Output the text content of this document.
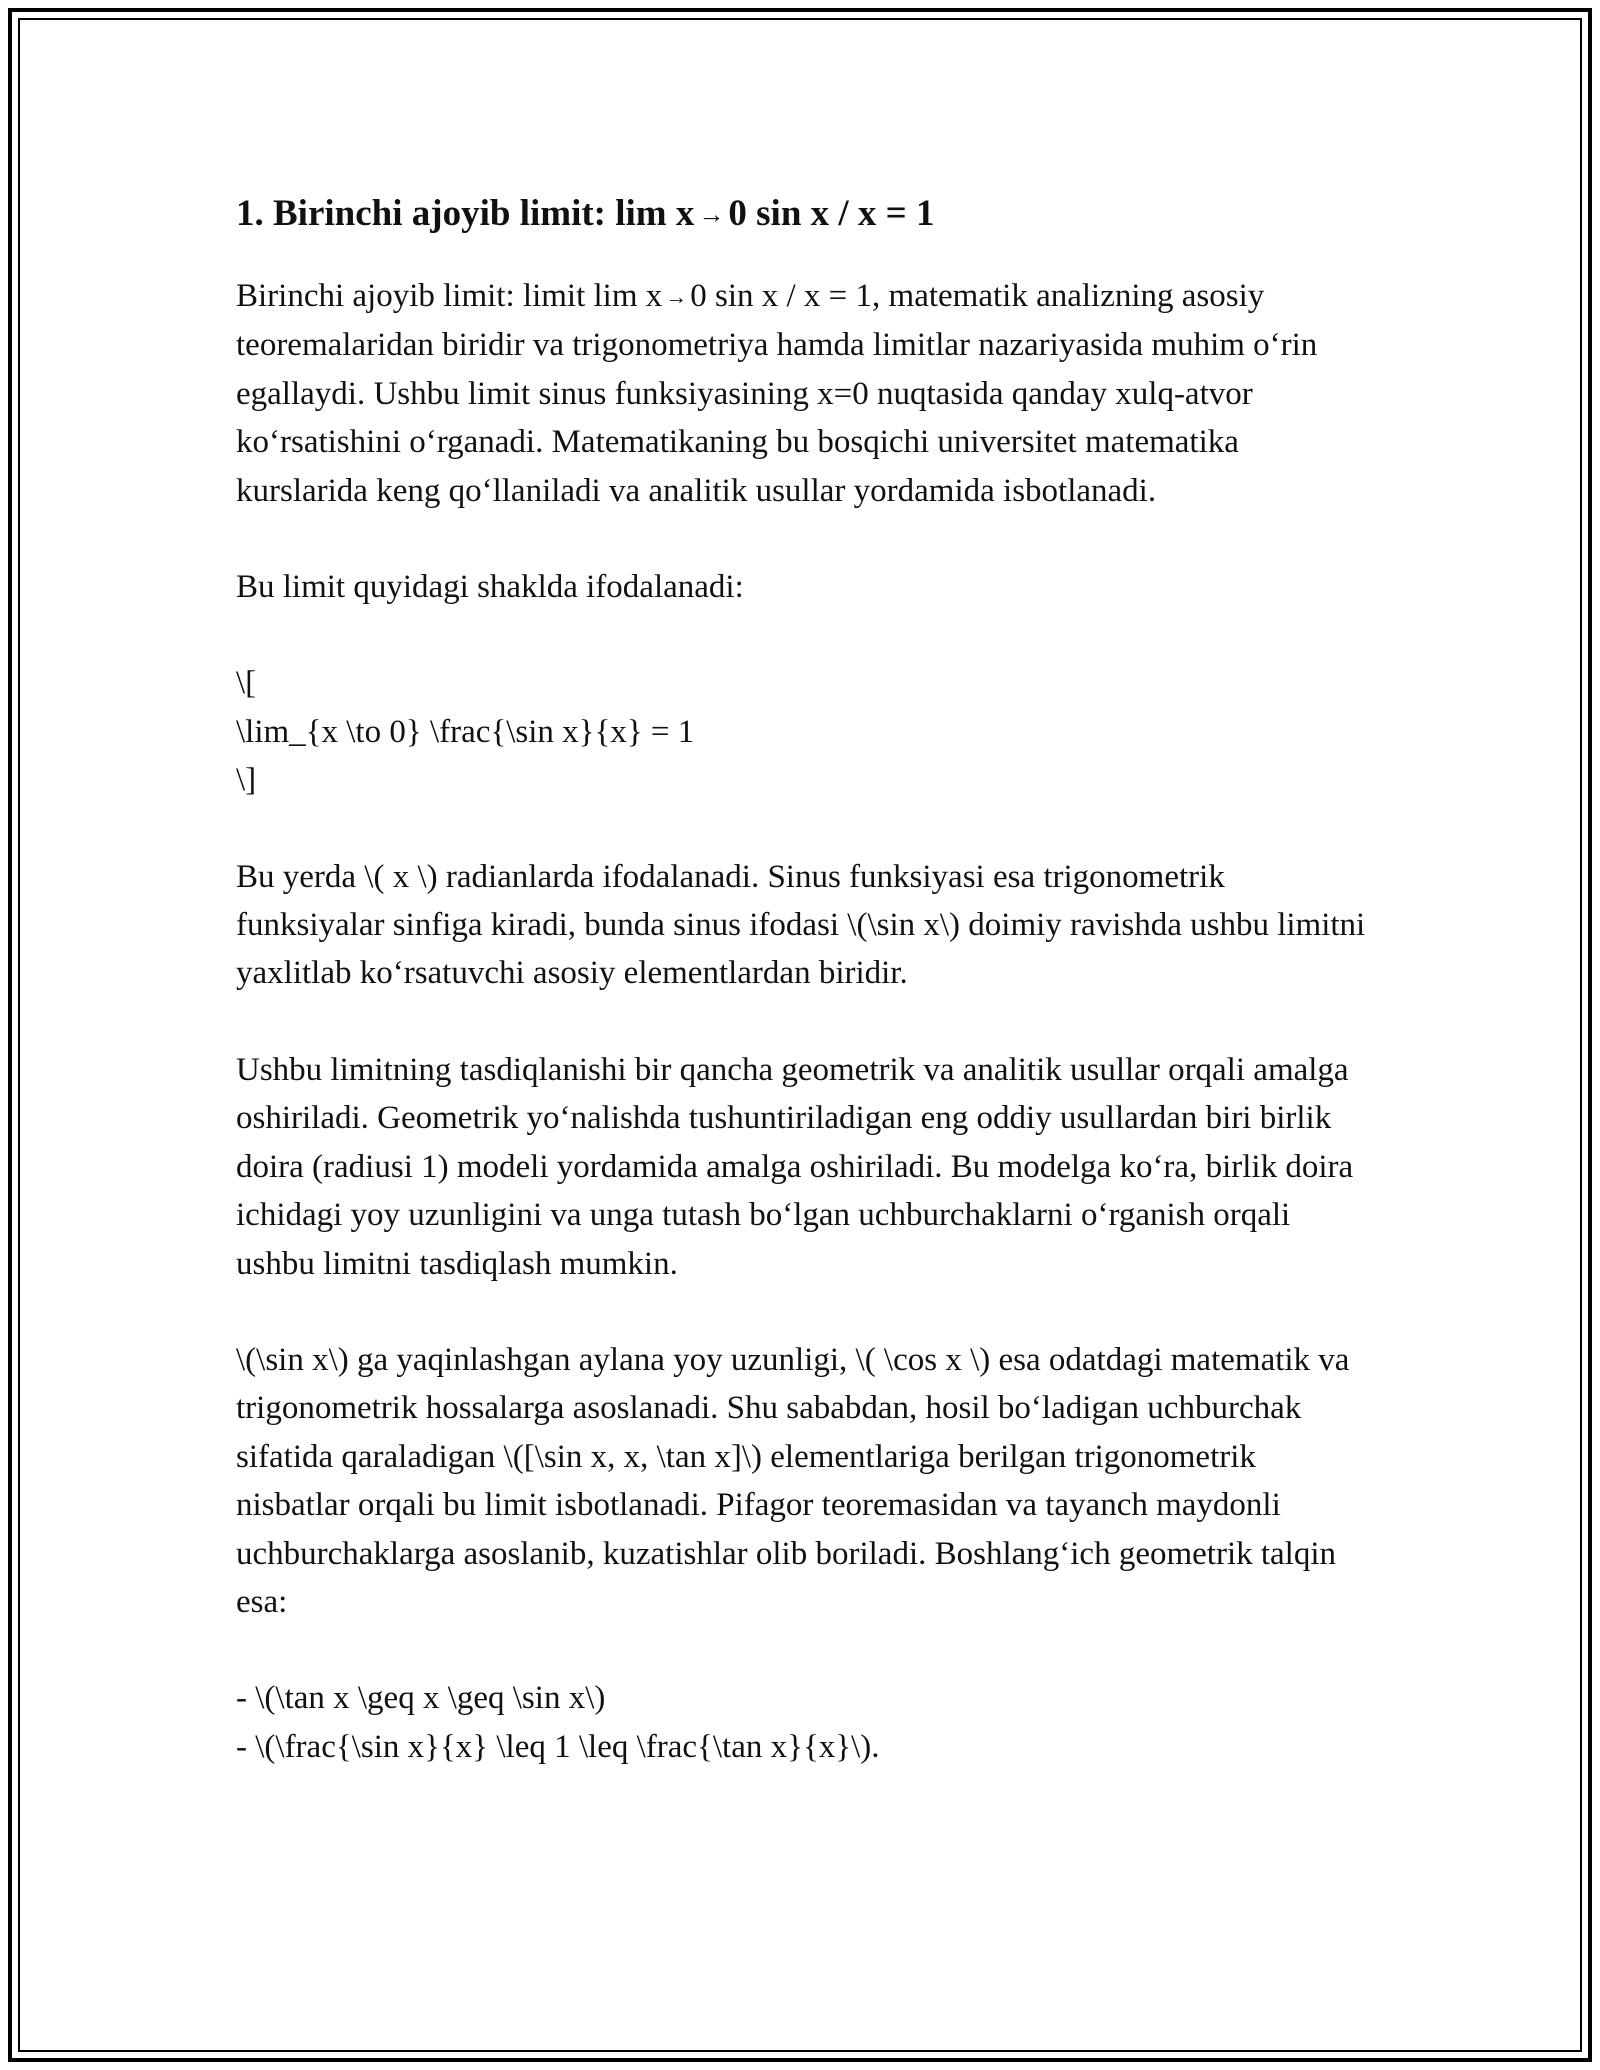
1. Birinchi ajoyib limit: lim x → 0 sin x / x = 1

Birinchi ajoyib limit: limit lim x →0 sin x / x = 1, matematik analizning asosiy teoremalaridan biridir va trigonometriya hamda limitlar nazariyasida muhim o‘rin egallaydi. Ushbu limit sinus funksiyasining x=0 nuqtasida qanday xulq-atvor ko‘rsatishini o‘rganadi. Matematikaning bu bosqichi universitet matematika kurslarida keng qo‘llaniladi va analitik usullar yordamida isbotlanadi.

Bu limit quyidagi shaklda ifodalanadi:

\[
\lim_{x \to 0} \frac{\sin x}{x} = 1
\]

Bu yerda \( x \) radianlarda ifodalanadi. Sinus funksiyasi esa trigonometrik funksiyalar sinfiga kiradi, bunda sinus ifodasi \(\sin x\) doimiy ravishda ushbu limitni yaxlitlab ko‘rsatuvchi asosiy elementlardan biridir.

Ushbu limitning tasdiqlanishi bir qancha geometrik va analitik usullar orqali amalga oshiriladi. Geometrik yo‘nalishda tushuntiriladigan eng oddiy usullardan biri birlik doira (radiusi 1) modeli yordamida amalga oshiriladi. Bu modelga ko‘ra, birlik doira ichidagi yoy uzunligini va unga tutash bo‘lgan uchburchaklarni o‘rganish orqali ushbu limitni tasdiqlash mumkin.

\(\sin x\) ga yaqinlashgan aylana yoy uzunligi, \( \cos x \) esa odatdagi matematik va trigonometrik hossalarga asoslanadi. Shu sababdan, hosil bo‘ladigan uchburchak sifatida qaraladigan \([\sin x, x, \tan x]\) elementlariga berilgan trigonometrik nisbatlar orqali bu limit isbotlanadi. Pifagor teoremasidan va tayanch maydonli uchburchaklarga asoslanib, kuzatishlar olib boriladi. Boshlang‘ich geometrik talqin esa:

- \(\tan x \geq x \geq \sin x\)
- \(\frac{\sin x}{x} \leq 1 \leq \frac{\tan x}{x}\).
